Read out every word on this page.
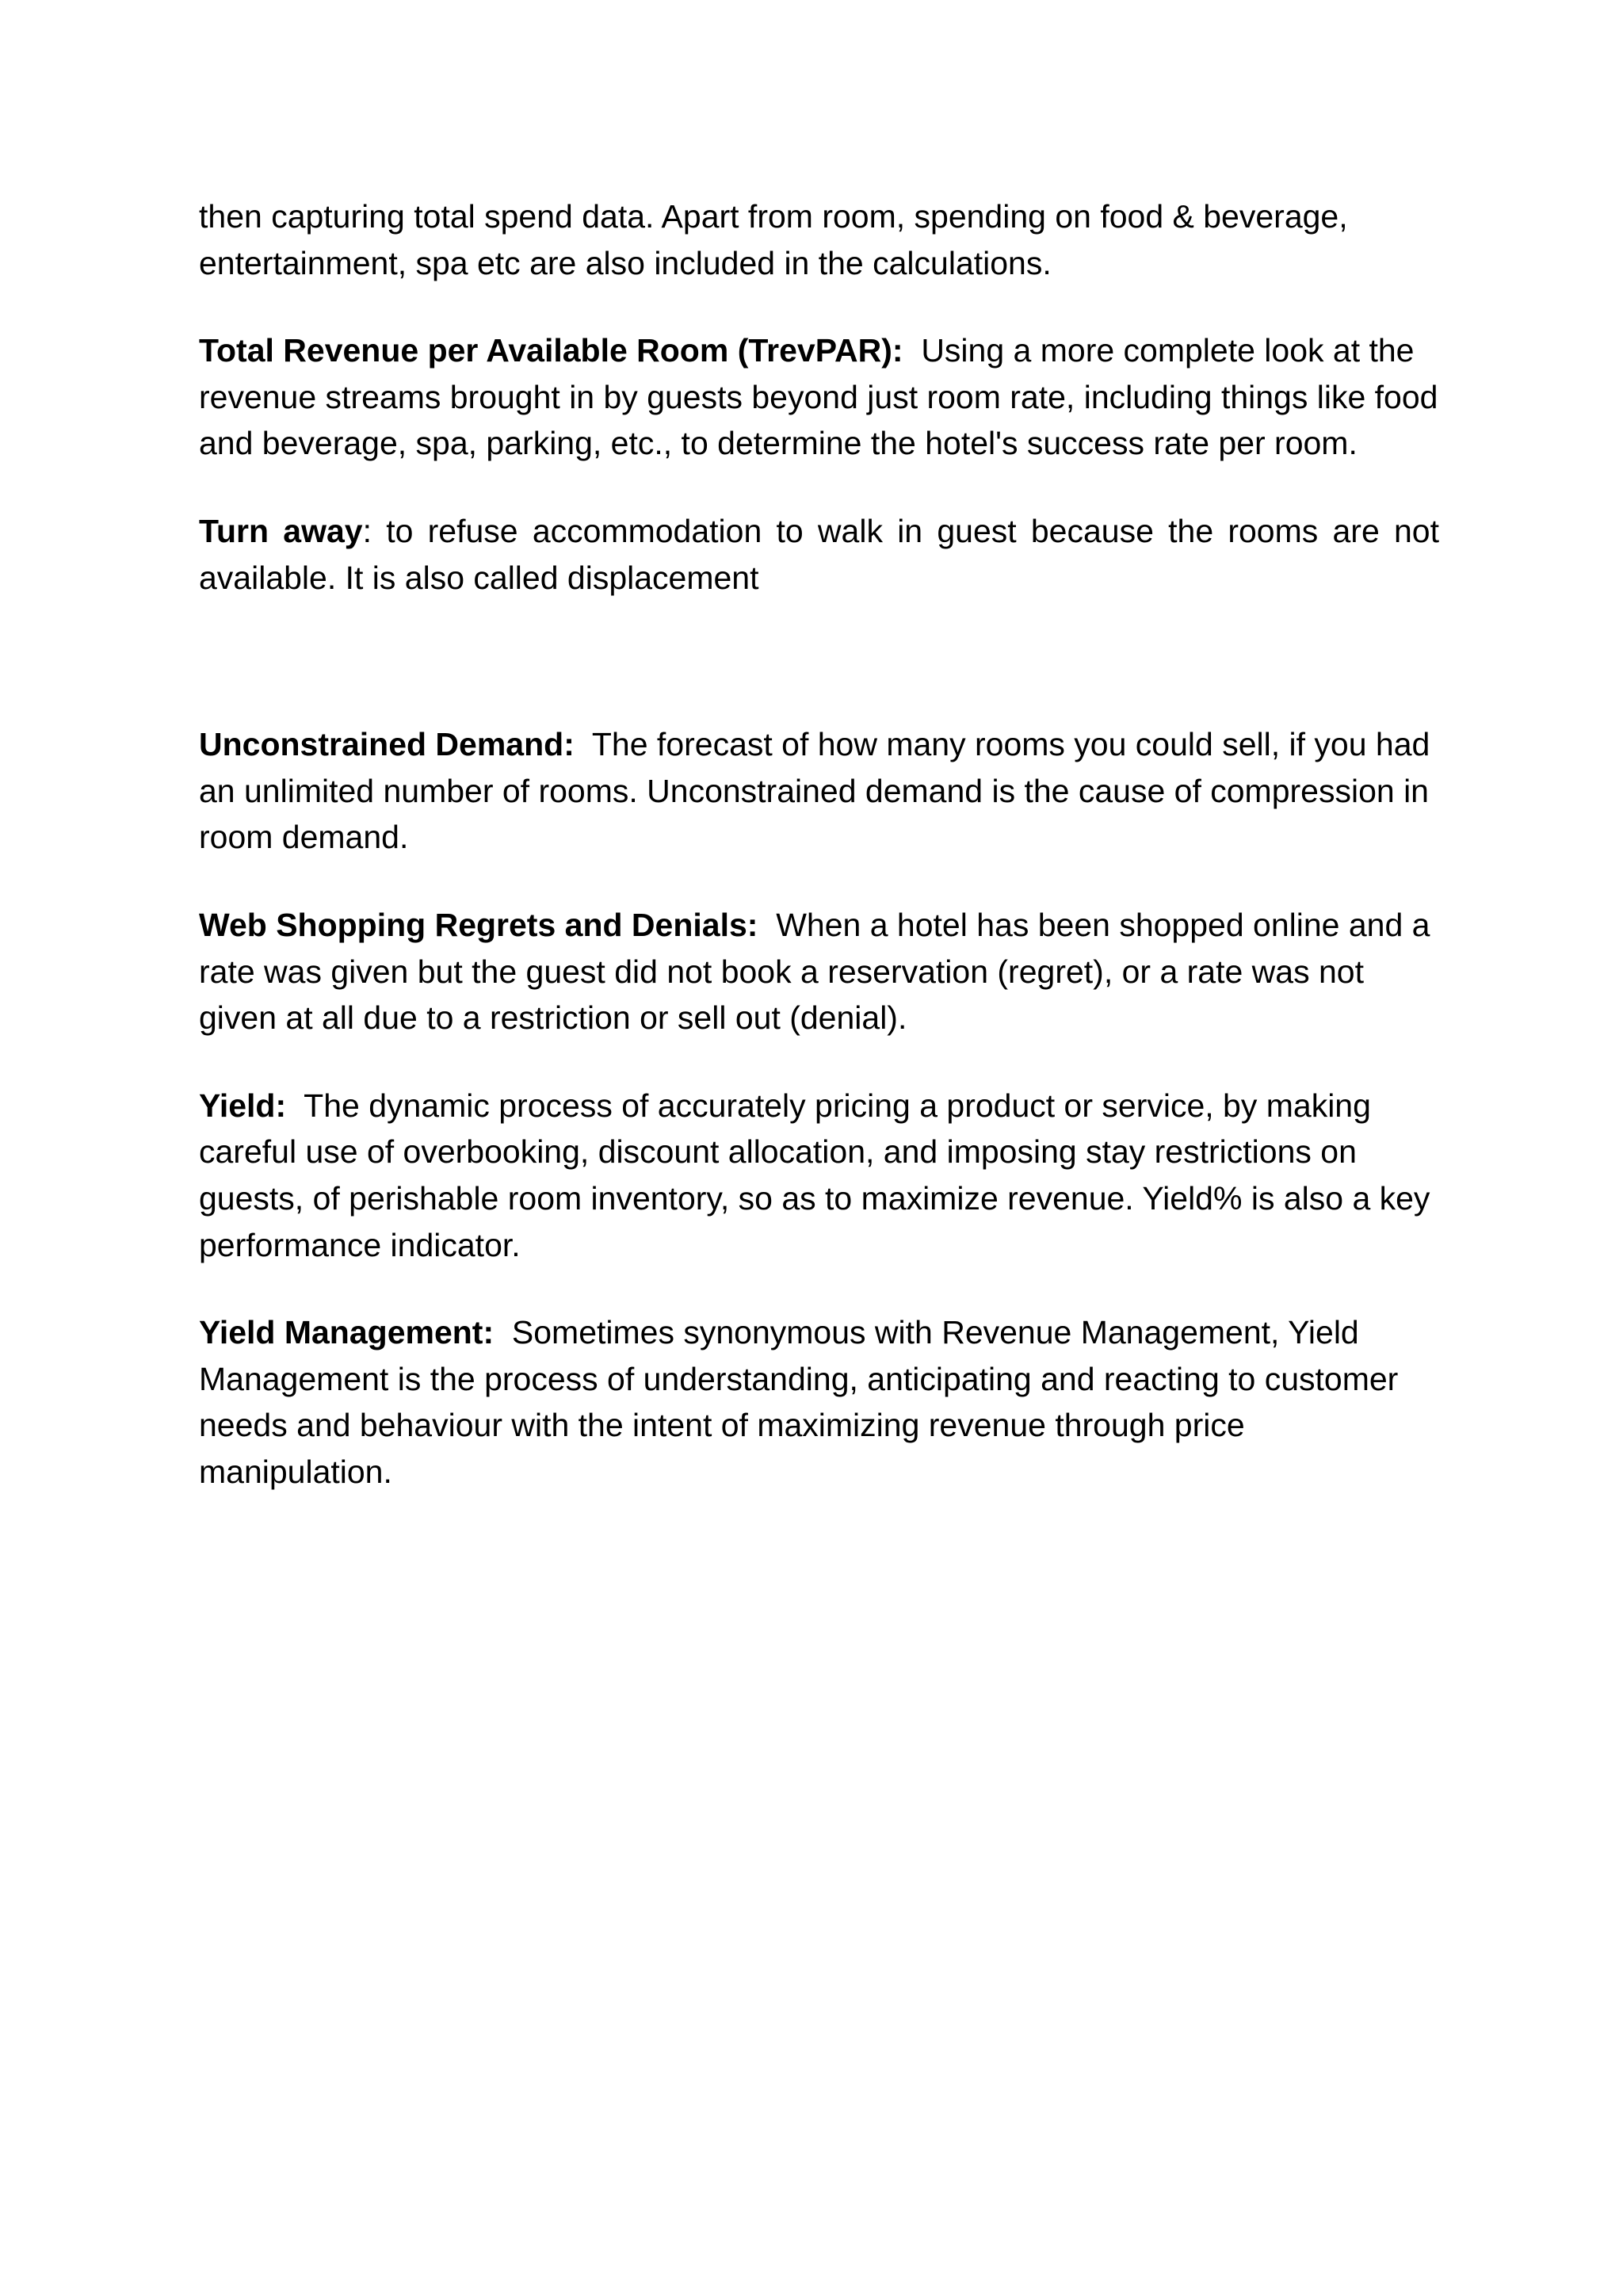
then capturing total spend data. Apart from room, spending on food & beverage, entertainment, spa etc are also included in the calculations.

Total Revenue per Available Room (TrevPAR): Using a more complete look at the revenue streams brought in by guests beyond just room rate, including things like food and beverage, spa, parking, etc., to determine the hotel's success rate per room.

Turn away: to refuse accommodation to walk in guest because the rooms are not available. It is also called displacement

Unconstrained Demand: The forecast of how many rooms you could sell, if you had an unlimited number of rooms. Unconstrained demand is the cause of compression in room demand.

Web Shopping Regrets and Denials: When a hotel has been shopped online and a rate was given but the guest did not book a reservation (regret), or a rate was not given at all due to a restriction or sell out (denial).

Yield: The dynamic process of accurately pricing a product or service, by making careful use of overbooking, discount allocation, and imposing stay restrictions on guests, of perishable room inventory, so as to maximize revenue. Yield% is also a key performance indicator.

Yield Management: Sometimes synonymous with Revenue Management, Yield Management is the process of understanding, anticipating and reacting to customer needs and behaviour with the intent of maximizing revenue through price manipulation.
